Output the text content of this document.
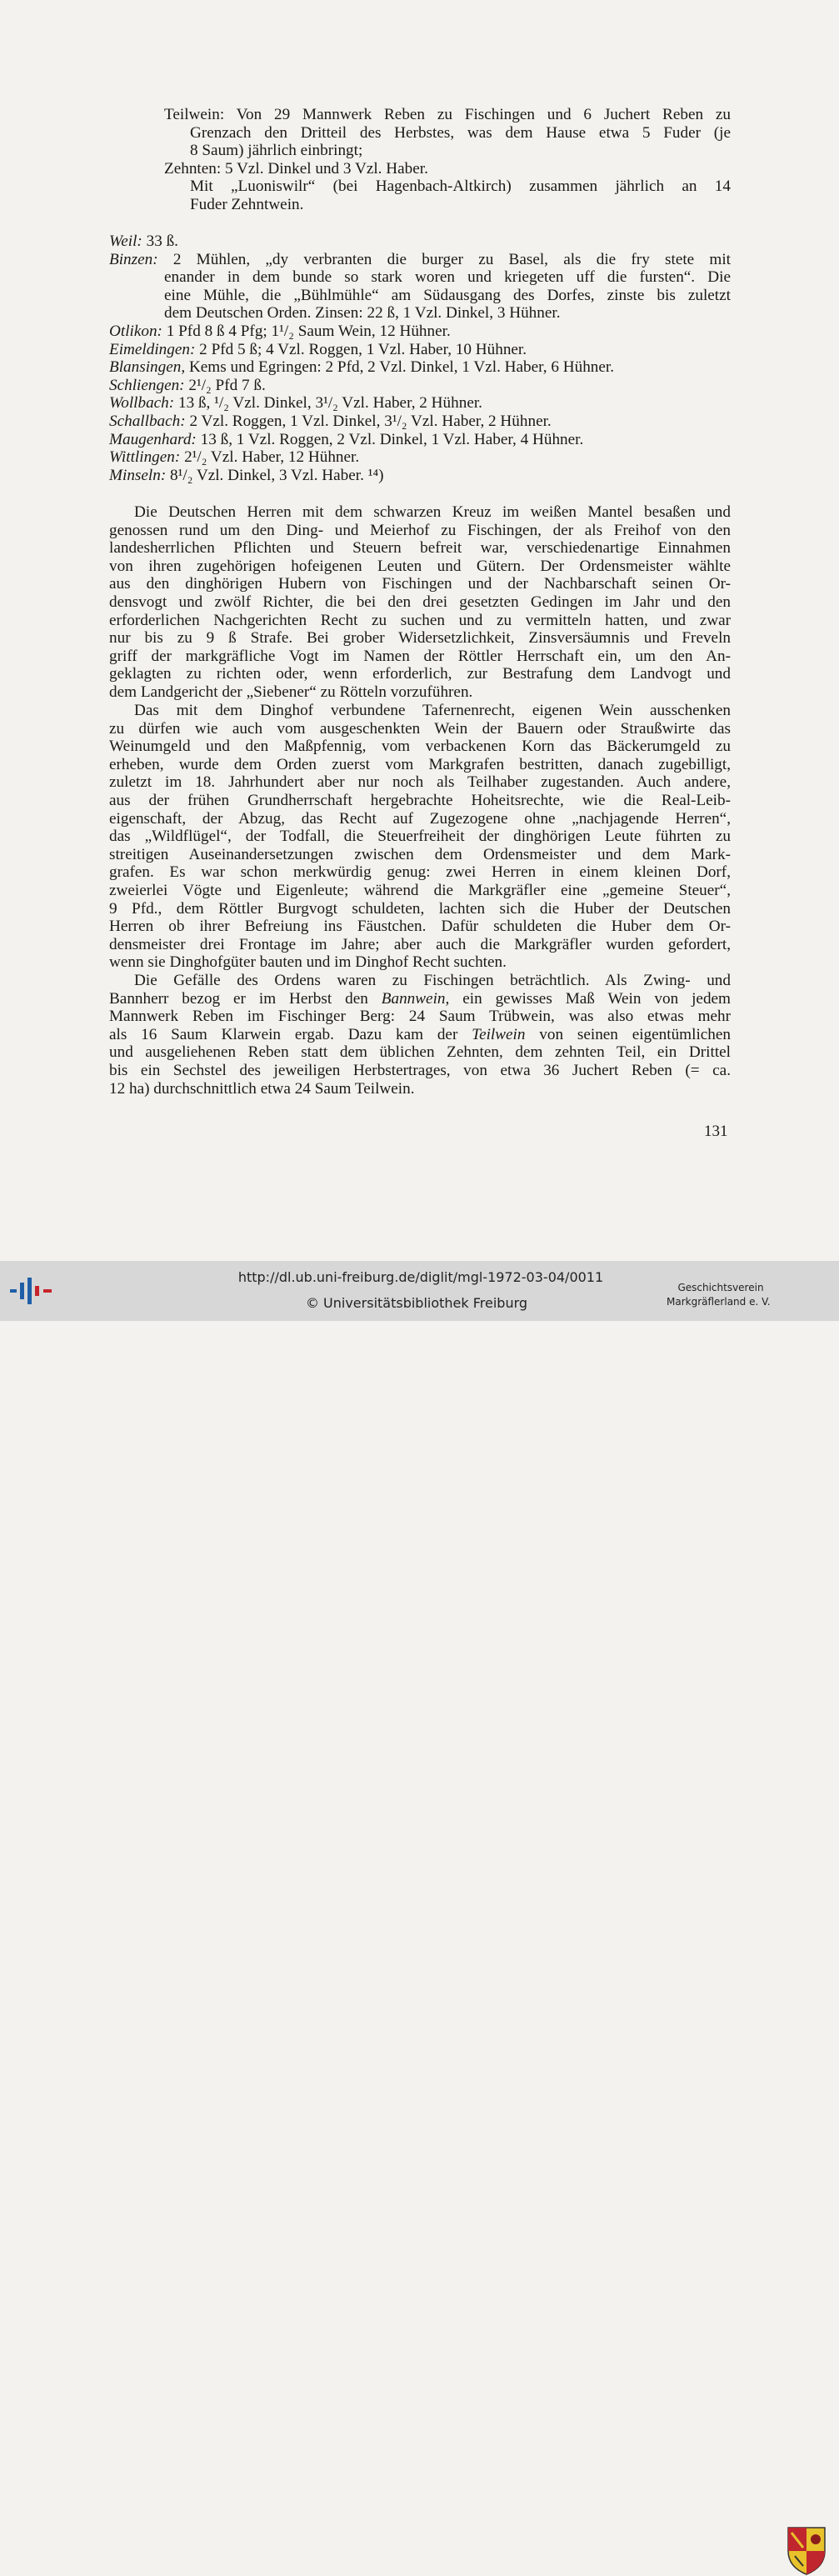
Teilwein: Von 29 Mannwerk Reben zu Fischingen und 6 Juchert Reben zu
Grenzach den Dritteil des Herbstes, was dem Hause etwa 5 Fuder (je
8 Saum) jährlich einbringt;
Zehnten: 5 Vzl. Dinkel und 3 Vzl. Haber.
Mit „Luoniswilr“ (bei Hagenbach-Altkirch) zusammen jährlich an 14
Fuder Zehntwein.
Weil: 33 ß.
Binzen: 2 Mühlen, „dy verbranten die burger zu Basel, als die fry stete mit
enander in dem bunde so stark woren und kriegeten uff die fursten“. Die
eine Mühle, die „Bühlmühle“ am Südausgang des Dorfes, zinste bis zuletzt
dem Deutschen Orden. Zinsen: 22 ß, 1 Vzl. Dinkel, 3 Hühner.
Otlikon: 1 Pfd 8 ß 4 Pfg; 1¹/₂ Saum Wein, 12 Hühner.
Eimeldingen: 2 Pfd 5 ß; 4 Vzl. Roggen, 1 Vzl. Haber, 10 Hühner.
Blansingen, Kems und Egringen: 2 Pfd, 2 Vzl. Dinkel, 1 Vzl. Haber, 6 Hühner.
Schliengen: 2¹/₂ Pfd 7 ß.
Wollbach: 13 ß, ¹/₂ Vzl. Dinkel, 3¹/₂ Vzl. Haber, 2 Hühner.
Schallbach: 2 Vzl. Roggen, 1 Vzl. Dinkel, 3¹/₂ Vzl. Haber, 2 Hühner.
Maugenhard: 13 ß, 1 Vzl. Roggen, 2 Vzl. Dinkel, 1 Vzl. Haber, 4 Hühner.
Wittlingen: 2¹/₂ Vzl. Haber, 12 Hühner.
Minseln: 8¹/₂ Vzl. Dinkel, 3 Vzl. Haber. ¹⁴)
Die Deutschen Herren mit dem schwarzen Kreuz im weißen Mantel besaßen und
genossen rund um den Ding- und Meierhof zu Fischingen, der als Freihof von den
landesherrlichen Pflichten und Steuern befreit war, verschiedenartige Einnahmen
von ihren zugehörigen hofeigenen Leuten und Gütern. Der Ordensmeister wählte
aus den dinghörigen Hubern von Fischingen und der Nachbarschaft seinen Or-
densvogt und zwölf Richter, die bei den drei gesetzten Gedingen im Jahr und den
erforderlichen Nachgerichten Recht zu suchen und zu vermitteln hatten, und zwar
nur bis zu 9 ß Strafe. Bei grober Widersetzlichkeit, Zinsversäumnis und Freveln
griff der markgräfliche Vogt im Namen der Röttler Herrschaft ein, um den An-
geklagten zu richten oder, wenn erforderlich, zur Bestrafung dem Landvogt und
dem Landgericht der „Siebener“ zu Rötteln vorzuführen.
Das mit dem Dinghof verbundene Tafernenrecht, eigenen Wein ausschenken
zu dürfen wie auch vom ausgeschenkten Wein der Bauern oder Straußwirte das
Weinumgeld und den Maßpfennig, vom verbackenen Korn das Bäckerumgeld zu
erheben, wurde dem Orden zuerst vom Markgrafen bestritten, danach zugebilligt,
zuletzt im 18. Jahrhundert aber nur noch als Teilhaber zugestanden. Auch andere,
aus der frühen Grundherrschaft hergebrachte Hoheitsrechte, wie die Real-Leib-
eigenschaft, der Abzug, das Recht auf Zugezogene ohne „nachjagende Herren“,
das „Wildflügel“, der Todfall, die Steuerfreiheit der dinghörigen Leute führten zu
streitigen Auseinandersetzungen zwischen dem Ordensmeister und dem Mark-
grafen. Es war schon merkwürdig genug: zwei Herren in einem kleinen Dorf,
zweierlei Vögte und Eigenleute; während die Markgräfler eine „gemeine Steuer“,
9 Pfd., dem Röttler Burgvogt schuldeten, lachten sich die Huber der Deutschen
Herren ob ihrer Befreiung ins Fäustchen. Dafür schuldeten die Huber dem Or-
densmeister drei Frontage im Jahre; aber auch die Markgräfler wurden gefordert,
wenn sie Dinghofgüter bauten und im Dinghof Recht suchten.
Die Gefälle des Ordens waren zu Fischingen beträchtlich. Als Zwing- und
Bannherr bezog er im Herbst den Bannwein, ein gewisses Maß Wein von jedem
Mannwerk Reben im Fischinger Berg: 24 Saum Trübwein, was also etwas mehr
als 16 Saum Klarwein ergab. Dazu kam der Teilwein von seinen eigentümlichen
und ausgeliehenen Reben statt dem üblichen Zehnten, dem zehnten Teil, ein Drittel
bis ein Sechstel des jeweiligen Herbstertrages, von etwa 36 Juchert Reben (= ca.
12 ha) durchschnittlich etwa 24 Saum Teilwein.
131
http://dl.ub.uni-freiburg.de/diglit/mgl-1972-03-04/0011
© Universitätsbibliothek Freiburg
Geschichtsverein
Markgräflerland e. V.
